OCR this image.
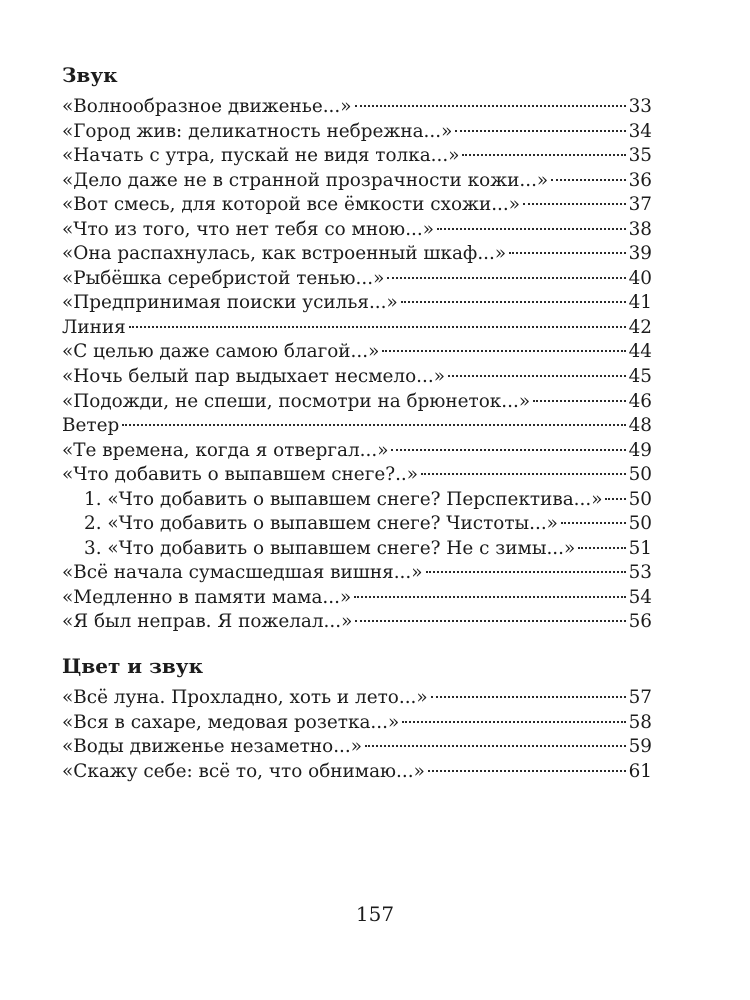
Звук
«Волнообразное движенье...»	33
«Город жив: деликатность небрежна...»	34
«Начать с утра, пускай не видя толка...»	35
«Дело даже не в странной прозрачности кожи...»	36
«Вот смесь, для которой все ёмкости схожи...»	37
«Что из того, что нет тебя со мною...»	38
«Она распахнулась, как встроенный шкаф...»	39
«Рыбёшка серебристой тенью...»	40
«Предпринимая поиски усилья...»	41
Линия	42
«С целью даже самою благой...»	44
«Ночь белый пар выдыхает несмело...»	45
«Подожди, не спеши, посмотри на брюнеток...»	46
Ветер	48
«Те времена, когда я отвергал...»	49
«Что добавить о выпавшем снеге?..»	50
1. «Что добавить о выпавшем снеге? Перспектива...» 50
2. «Что добавить о выпавшем снеге? Чистоты...»	50
3. «Что добавить о выпавшем снеге? Не с зимы...»	51
«Всё начала сумасшедшая вишня...»	53
«Медленно в памяти мама...»	54
«Я был неправ. Я пожелал...»	56
Цвет и звук
«Всё луна. Прохладно, хоть и лето...»	57
«Вся в сахаре, медовая розетка...»	58
«Воды движенье незаметно...»	59
«Скажу себе: всё то, что обнимаю...»	61
157
